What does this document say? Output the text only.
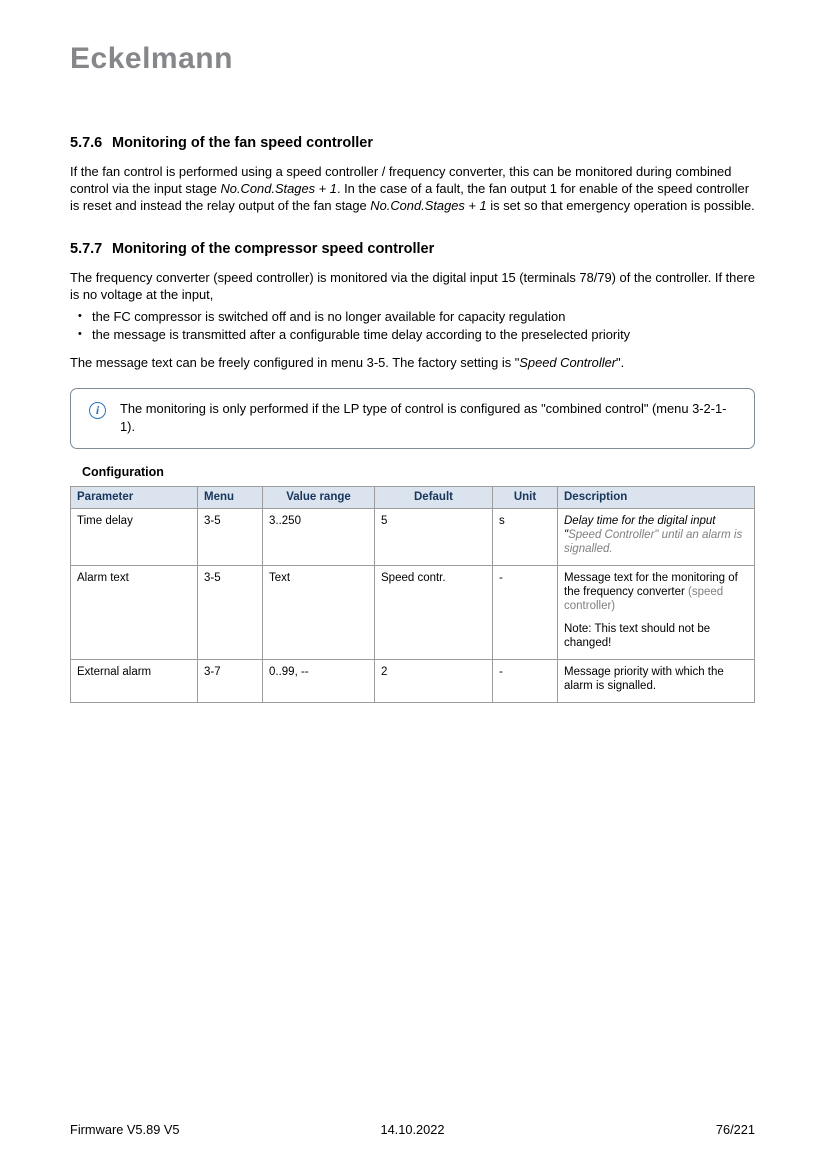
Eckelmann
5.7.6 Monitoring of the fan speed controller

If the fan control is performed using a speed controller / frequency converter, this can be monitored during combined control via the input stage No.Cond.Stages + 1. In the case of a fault, the fan output 1 for enable of the speed controller is reset and instead the relay output of the fan stage No.Cond.Stages + 1 is set so that emergency operation is possible.

5.7.7 Monitoring of the compressor speed controller

The frequency converter (speed controller) is monitored via the digital input 15 (terminals 78/79) of the controller. If there is no voltage at the input,

• the FC compressor is switched off and is no longer available for capacity regulation
• the message is transmitted after a configurable time delay according to the preselected priority

The message text can be freely configured in menu 3-5. The factory setting is "Speed Controller".

i	The monitoring is only performed if the LP type of control is configured as "combined control" (menu 3-2-1-1).
Configuration
Parameter	Menu	Value range	Default	Unit	Description
Time delay	3-5	3..250	5	s	Delay time for the digital input "Speed Controller" until an alarm is signalled.
Alarm text	3-5	Text	Speed contr.	-	Message text for the monitoring of the frequency converter (speed controller)
Note: This text should not be changed!

External alarm	3-7	0..99, --	2	-	Message priority with which the alarm is signalled.
Firmware V5.89 V5	14.10.2022	76/221
